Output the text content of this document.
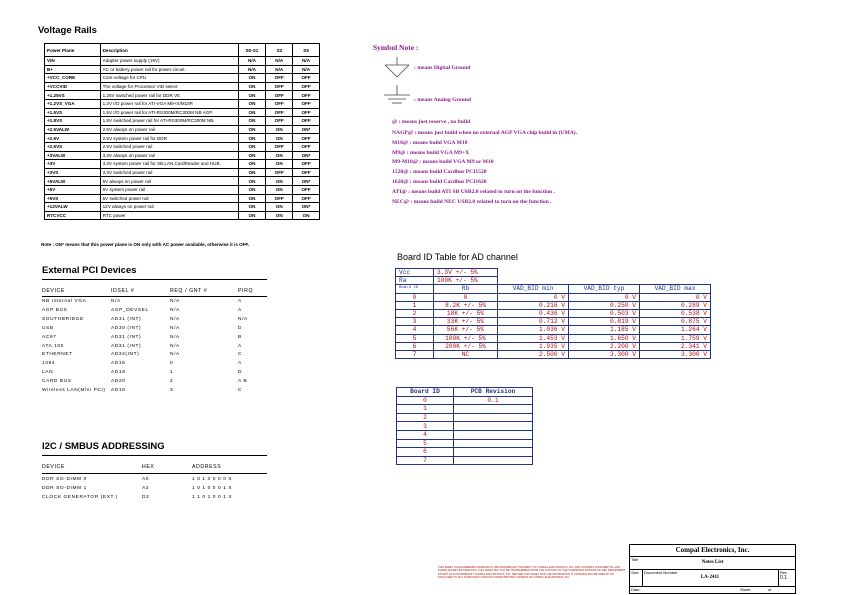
Voltage Rails
Power Plane	Description	S0-S1	S3	S5
VIN	Adapter power supply (19V)	N/A	N/A	N/A
B+	AC or battery power rail for power circuit.	N/A	N/A	N/A
+VCC_CORE	Core voltage for CPU	ON	OFF	OFF
+VCCVID	The voltage for Processor VID select	ON	OFF	OFF
+1.25VS	1.25V switched power rail for DDR Vtt	ON	OFF	OFF
+1.2VS_VGA	1.2V I/O power rail for ATI-VGA M9+X/M10P.	ON	OFF	OFF
+1.5VS	1.5V I/O power rail for ATI-RS300M/RC300M NB AGP.	ON	OFF	OFF
+1.8VS	1.8V switched power rail for ATI-RS300M/RC300M NB.	ON	OFF	OFF
+2.5VALW	2.5V always on power rail	ON	ON	ON*
+2.5V	2.5V system power rail for DDR	ON	ON	OFF
+2.5VS	2.5V switched power rail	ON	OFF	OFF
+3VALW	3.3V always on power rail	ON	ON	ON*
+3V	3.3V system power rail for SB,LAN,CardReader and HUB.	ON	ON	OFF
+3VS	3.3V switched power rail	ON	OFF	OFF
+5VALW	5V always on power rail	ON	ON	ON*
+5V	5V system power rail .	ON	ON	OFF
+5VS	5V switched power rail	ON	OFF	OFF
+12VALW	12V always on power rail	ON	ON	ON*
RTCVCC	RTC power	ON	ON	ON
Note : ON* means that this power plane is ON only with AC power available, otherwise it is OFF.
External PCI Devices
DEVICE	IDSEL #	REQ / GNT #	PIRQ
NB Internal VGA	N/A	N/A	A
AGP BUS	AGP_DEVSEL	N/A	A
SOUTHBRIDGE	AD31 (INT)	N/A	N/A
USB	AD30 (INT)	N/A	D
AC97	AD31 (INT)	N/A	B
ATA 100	AD31 (INT)	N/A	A
ETHERNET	AD34(INT)	N/A	C
1394	AD16	0	A
LAN	AD19	1	D
CARD BUS	AD20	2	A B
Wireless LAN(Mini PCI) AD18	3	C
I2C / SMBUS ADDRESSING
DEVICE	HEX	ADDRESS
DDR SO-DIMM 0	A0	1 0 1 0 0 0 0 X
DDR SO-DIMM 1	A2	1 0 1 0 0 0 1 X
CLOCK GENERATOR (EXT.)	D2	1 1 0 1 0 0 1 X
Symbol Note :
: means Digital Ground
: means Analog Ground
@ : means just reserve , no build
NAGP@ : means just build when no external AGP VGA chip build in (UMA).
M10@ : means build VGA M10
M9@ : means build VGA M9+X
M9-M10@ : means build VGA M9 or M10
1520@ : means build Cardbus PCI1520
1620@ : means build Cardbus PCI1620
ATI@ : means build ATI SB USB2.0 related to turn on the function .
NEC@ : means build NEC USB2.0 related to turn on the function .
Board ID Table for AD channel
Vcc	3.3V +/- 5%			
Ra	100K +/- 5%			
Board ID	Rb	VAD_BID min	VAD_BID typ	VAD_BID max
0	0	0 V	0 V	0 V
1	8.2K +/- 5%	0.216 V	0.250 V	0.289 V
2	18K +/- 5%	0.436 V	0.503 V	0.538 V
3	33K +/- 5%	0.712 V	0.819 V	0.875 V
4	56K +/- 5%	1.036 V	1.185 V	1.264 V
5	100K +/- 5%	1.453 V	1.650 V	1.759 V
6	200K +/- 5%	1.935 V	2.200 V	2.341 V
7	NC	2.500 V	3.300 V	3.300 V
Board ID	PCB Revision
0	0.1
1	
2	
3	
4	
5	
6	
7	
THIS SHEET OF ENGINEERING DRAWING IS THE PROPRIETARY PROPERTY OF COMPAL ELECTRONICS, INC. AND CONTAINS CONFIDENTIAL AND TRADE SECRET INFORMATION. THIS SHEET MAY NOT BE TRANSFERRED FROM THE CUSTODY OF THE COMPETENT DIVISION OF R&D DEPARTMENT EXCEPT AS AUTHORIZED BY COMPAL ELECTRONICS, INC. NEITHER THIS SHEET NOR THE INFORMATION IT CONTAINS MAY BE USED BY OR DISCLOSED TO ANY THIRD PARTY WITHOUT PRIOR WRITTEN CONSENT OF COMPAL ELECTRONICS, INC.
Compal Electronics, Inc.
Title
Notes List
Size Document Number	Rev
LA-2411	0.1
Date:	Sheet	of
